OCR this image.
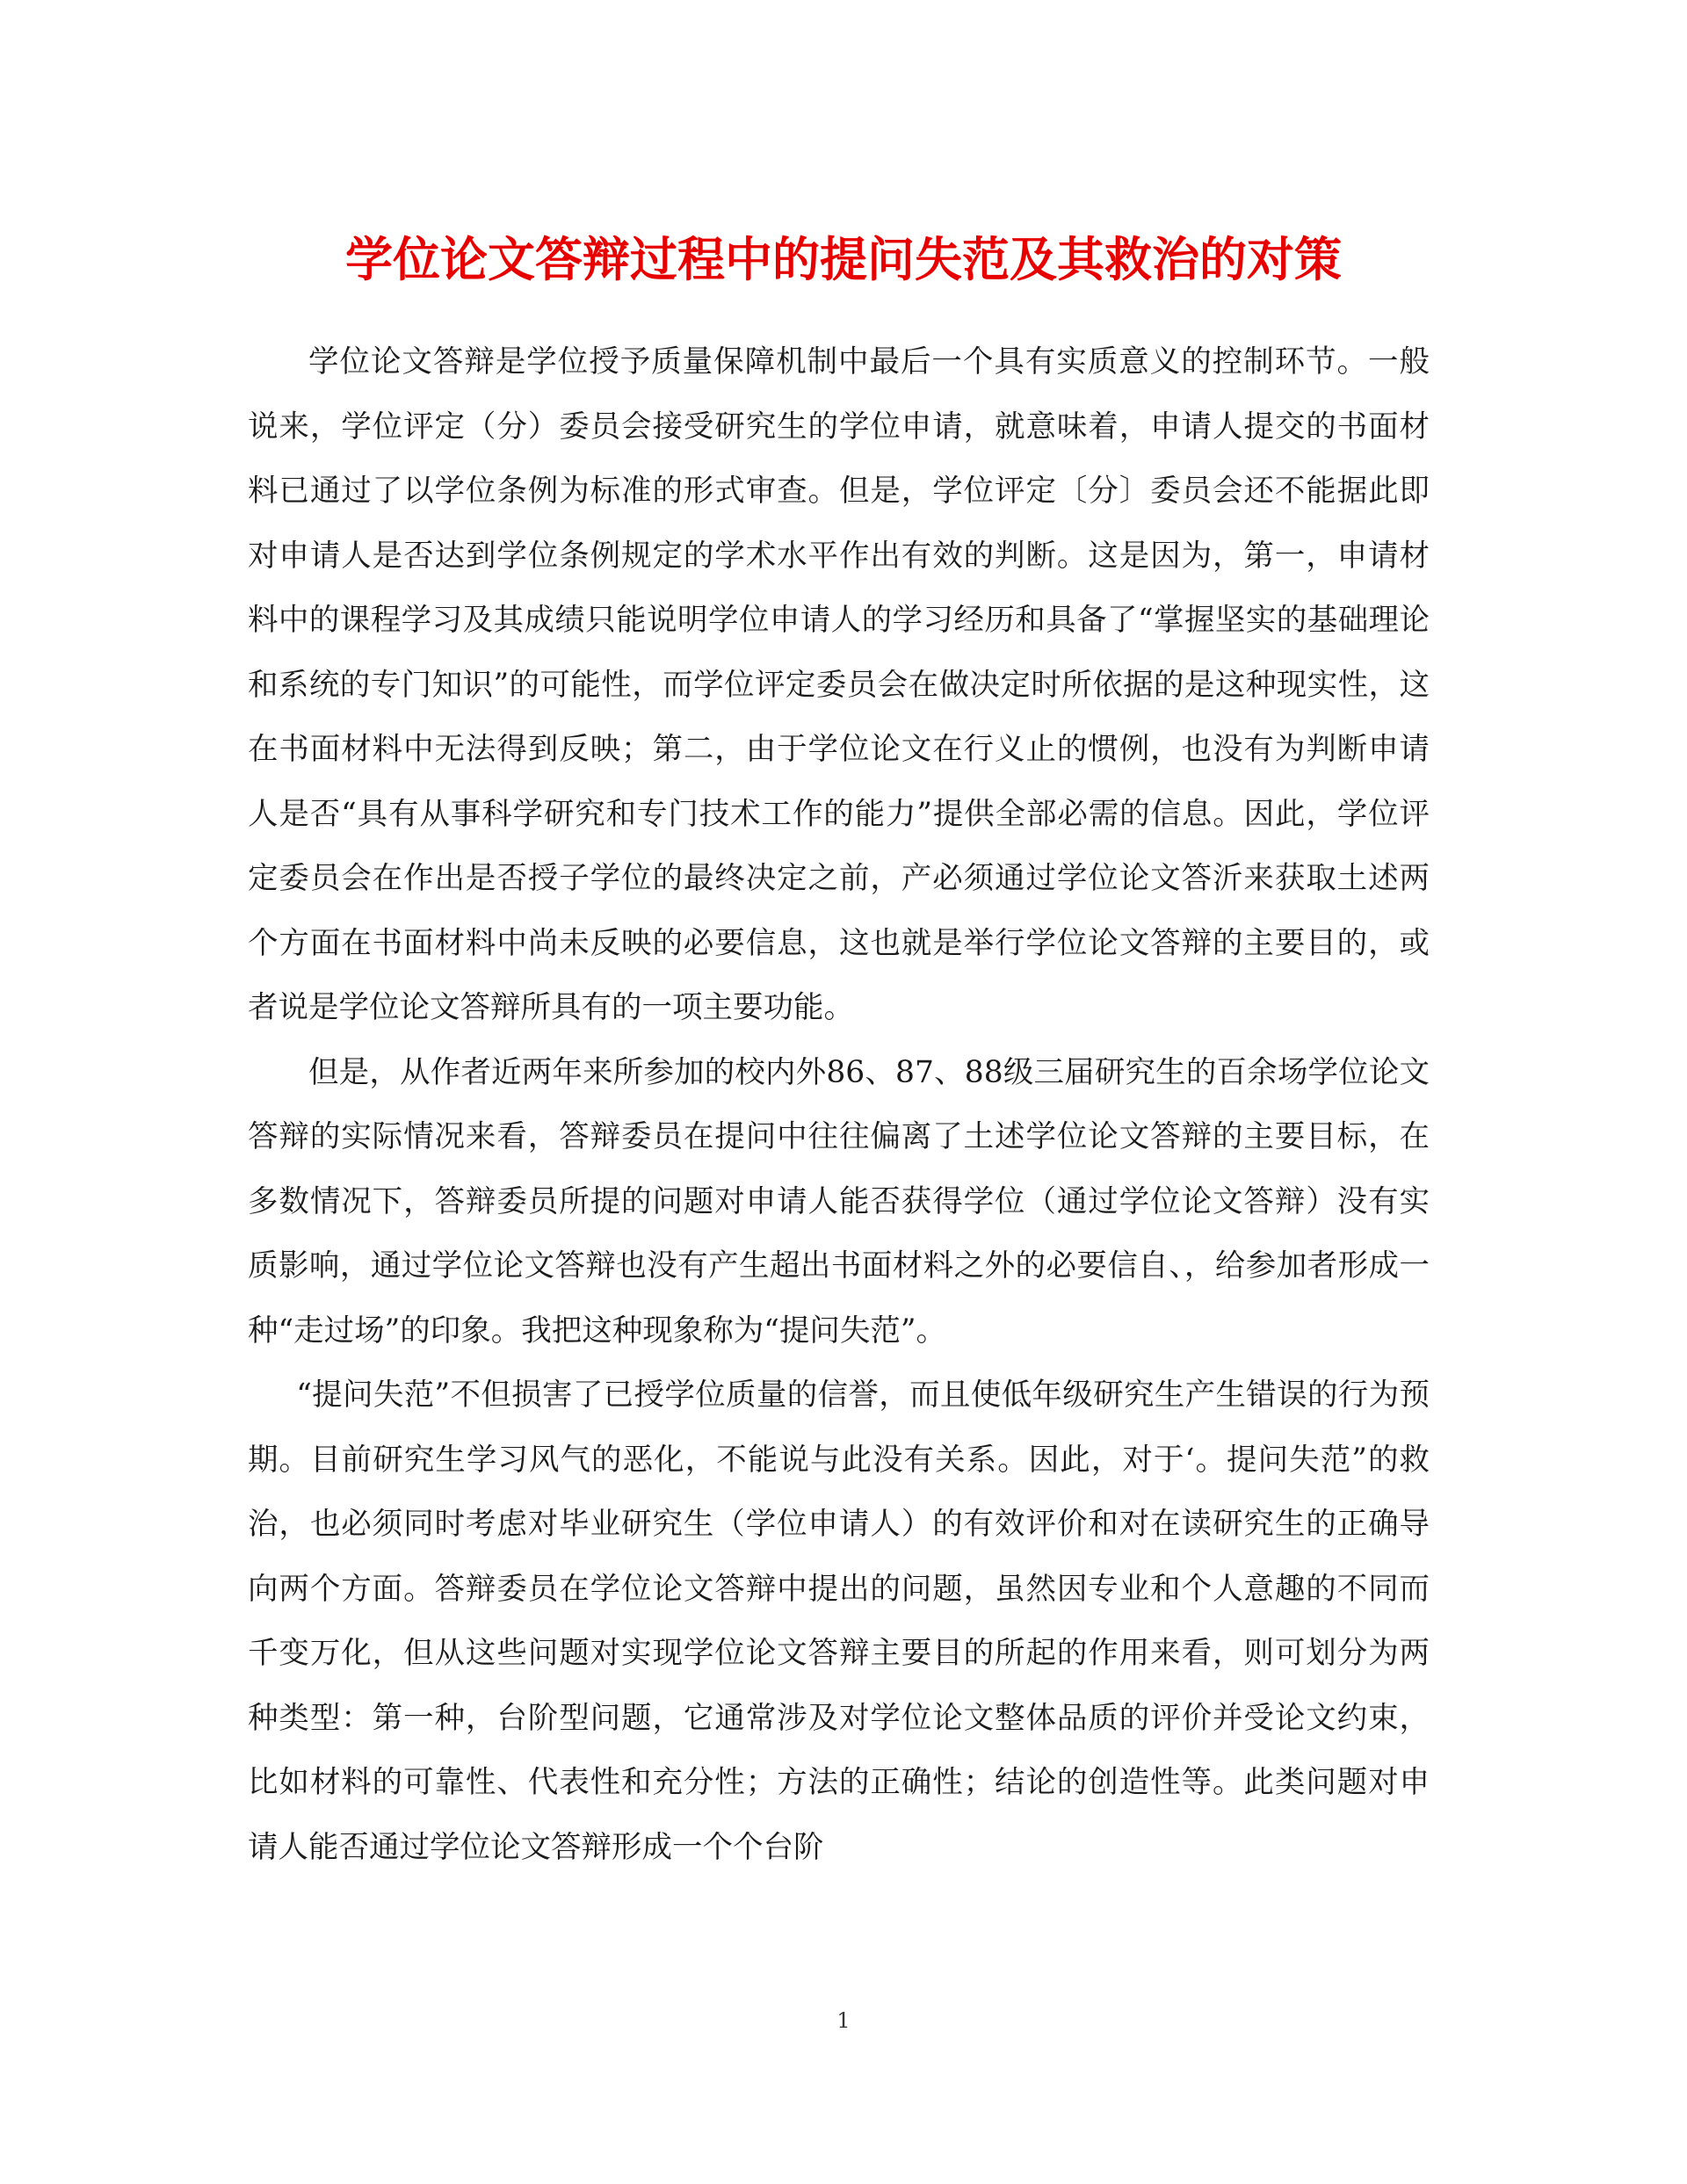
学位论文答辩过程中的提问失范及其救治的对策

学位论文答辩是学位授予质量保障机制中最后一个具有实质意义的控制环节。一般说来，学位评定（分）委员会接受研究生的学位申请，就意味着，申请人提交的书面材料已通过了以学位条例为标准的形式审查。但是，学位评定〔分〕委员会还不能据此即对申请人是否达到学位条例规定的学术水平作出有效的判断。这是因为，第一，申请材料中的课程学习及其成绩只能说明学位申请人的学习经历和具备了“掌握坚实的基础理论和系统的专门知识”的可能性，而学位评定委员会在做决定时所依据的是这种现实性，这在书面材料中无法得到反映；第二，由于学位论文在行义止的惯例，也没有为判断申请人是否“具有从事科学研究和专门技术工作的能力”提供全部必需的信息。因此，学位评定委员会在作出是否授子学位的最终决定之前，产必须通过学位论文答沂来获取土述两个方面在书面材料中尚未反映的必要信息，这也就是举行学位论文答辩的主要目的，或者说是学位论文答辩所具有的一项主要功能。

但是，从作者近两年来所参加的校内外86、87、88级三届研究生的百余场学位论文答辩的实际情况来看，答辩委员在提问中往往偏离了土述学位论文答辩的主要目标，在多数情况下，答辩委员所提的问题对申请人能否获得学位（通过学位论文答辩）没有实质影响，通过学位论文答辩也没有产生超出书面材料之外的必要信自、，给参加者形成一种“走过场”的印象。我把这种现象称为“提问失范”。

“提问失范”不但损害了已授学位质量的信誉，而且使低年级研究生产生错误的行为预期。目前研究生学习风气的恶化，不能说与此没有关系。因此，对于‘。提问失范”的救治，也必须同时考虑对毕业研究生（学位申请人）的有效评价和对在读研究生的正确导向两个方面。答辩委员在学位论文答辩中提出的问题，虽然因专业和个人意趣的不同而千变万化，但从这些问题对实现学位论文答辩主要目的所起的作用来看，则可划分为两种类型：第一种，台阶型问题，它通常涉及对学位论文整体品质的评价并受论文约束，比如材料的可靠性、代表性和充分性；方法的正确性；结论的创造性等。此类问题对申请人能否通过学位论文答辩形成一个个台阶

1
